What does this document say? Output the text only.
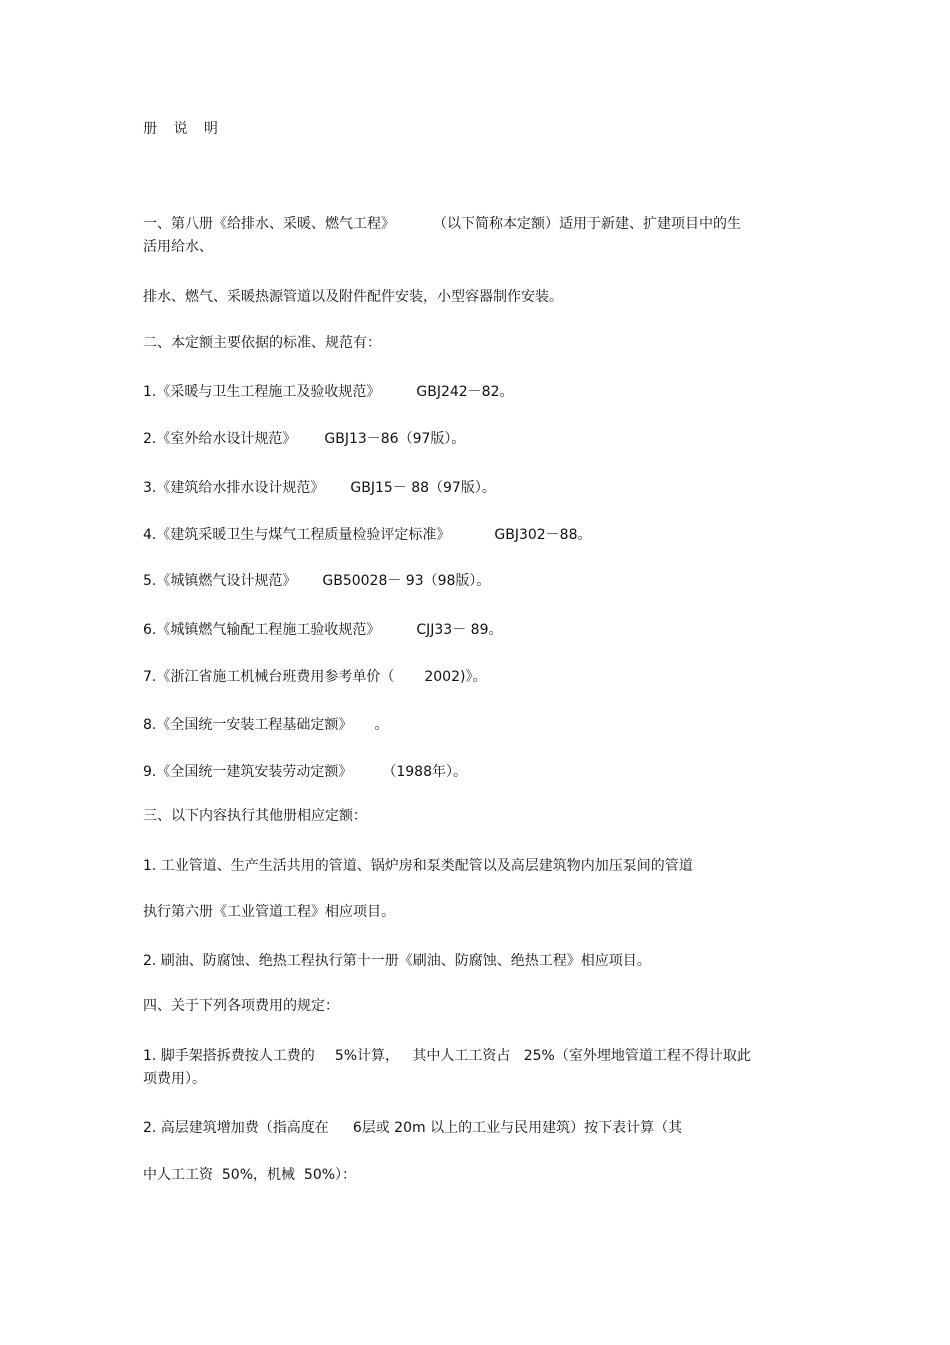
册 说 明
一、第八册《给排水、采暖、燃气工程》	（以下简称本定额）适用于新建、扩建项目中的生
活用给水、
排水、燃气、采暖热源管道以及附件配件安装，小型容器制作安装。
二、本定额主要依据的标准、规范有：
1.《采暖与卫生工程施工及验收规范》	GBJ242－82。
2.《室外给水设计规范》 GBJ13－86（97版）。
3.《建筑给水排水设计规范》 GBJ15－ 88（97版）。
4.《建筑采暖卫生与煤气工程质量检验评定标准》	GBJ302－88。
5.《城镇燃气设计规范》 GB50028－ 93（98版）。
6.《城镇燃气输配工程施工验收规范》	CJJ33－ 89。
7.《浙江省施工机械台班费用参考单价（ 2002)》。
8.《全国统一安装工程基础定额》 。
9.《全国统一建筑安装劳动定额》 （1988年）。
三、以下内容执行其他册相应定额：
1. 工业管道、生产生活共用的管道、锅炉房和泵类配管以及高层建筑物内加压泵间的管道
执行第六册《工业管道工程》相应项目。
2. 刷油、防腐蚀、绝热工程执行第十一册《刷油、防腐蚀、绝热工程》相应项目。
四、关于下列各项费用的规定：
1. 脚手架搭拆费按人工费的 5%计算，   其中人工工资占   25%（室外埋地管道工程不得计取此
项费用）。
2. 高层建筑增加费（指高度在 6层或 20m 以上的工业与民用建筑）按下表计算（其
中人工工资  50%，机械  50%）：
